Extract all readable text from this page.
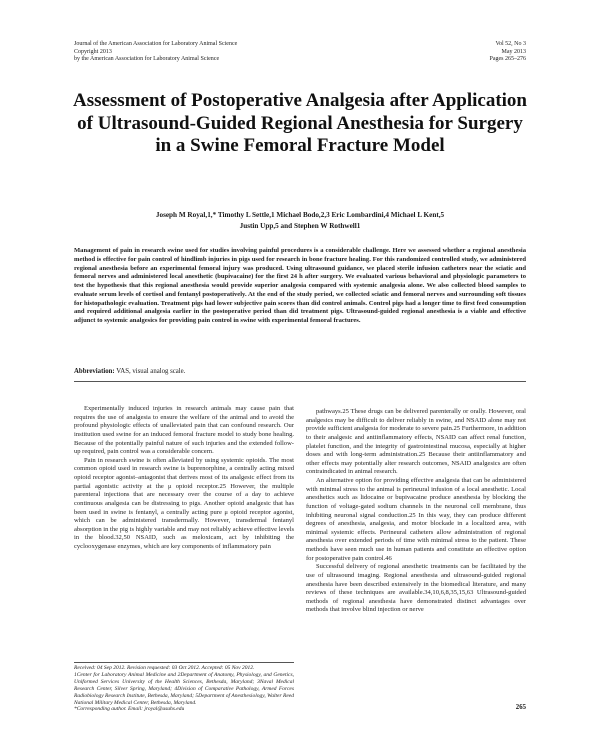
Journal of the American Association for Laboratory Animal Science
Copyright 2013
by the American Association for Laboratory Animal Science
Vol 52, No 3
May 2013
Pages 265–276
Assessment of Postoperative Analgesia after Application of Ultrasound-Guided Regional Anesthesia for Surgery in a Swine Femoral Fracture Model
Joseph M Royal,1,* Timothy L Settle,1 Michael Bodo,2,3 Eric Lombardini,4 Michael L Kent,5
Justin Upp,5 and Stephen W Rothwell1

Management of pain in research swine used for studies involving painful procedures is a considerable challenge. Here we assessed whether a regional anesthesia method is effective for pain control of hindlimb injuries in pigs used for research in bone fracture healing. For this randomized controlled study, we administered regional anesthesia before an experimental femoral injury was produced. Using ultrasound guidance, we placed sterile infusion catheters near the sciatic and femoral nerves and administered local anesthetic (bupivacaine) for the first 24 h after surgery. We evaluated various behavioral and physiologic parameters to test the hypothesis that this regional anesthesia would provide superior analgesia compared with systemic analgesia alone. We also collected blood samples to evaluate serum levels of cortisol and fentanyl postoperatively. At the end of the study period, we collected sciatic and femoral nerves and surrounding soft tissues for histopathologic evaluation. Treatment pigs had lower subjective pain scores than did control animals. Control pigs had a longer time to first feed consumption and required additional analgesia earlier in the postoperative period than did treatment pigs. Ultrasound-guided regional anesthesia is a viable and effective adjunct to systemic analgesics for providing pain control in swine with experimental femoral fractures.

Abbreviation: VAS, visual analog scale.

Experimentally induced injuries in research animals may cause pain that requires the use of analgesia to ensure the welfare of the animal and to avoid the profound physiologic effects of unalleviated pain that can confound research. Our institution used swine for an induced femoral fracture model to study bone healing. Because of the potentially painful nature of such injuries and the extended follow-up required, pain control was a considerable concern.

Pain in research swine is often alleviated by using systemic opioids. The most common opioid used in research swine is buprenorphine, a centrally acting mixed opioid receptor agonist–antagonist that derives most of its analgesic effect from its partial agonistic activity at the μ opioid receptor.25 However, the multiple parenteral injections that are necessary over the course of a day to achieve continuous analgesia can be distressing to pigs. Another opioid analgesic that has been used in swine is fentanyl, a centrally acting pure μ opioid receptor agonist, which can be administered transdermally. However, transdermal fentanyl absorption in the pig is highly variable and may not reliably achieve effective levels in the blood.32,50 NSAID, such as meloxicam, act by inhibiting the cyclooxygenase enzymes, which are key components of inflammatory pain

pathways.25 These drugs can be delivered parenterally or orally. However, oral analgesics may be difficult to deliver reliably in swine, and NSAID alone may not provide sufficient analgesia for moderate to severe pain.25 Furthermore, in addition to their analgesic and antiinflammatory effects, NSAID can affect renal function, platelet function, and the integrity of gastrointestinal mucosa, especially at higher doses and with long-term administration.25 Because their antiinflammatory and other effects may potentially alter research outcomes, NSAID analgesics are often contraindicated in animal research.

An alternative option for providing effective analgesia that can be administered with minimal stress to the animal is perineural infusion of a local anesthetic. Local anesthetics such as lidocaine or bupivacaine produce anesthesia by blocking the function of voltage-gated sodium channels in the neuronal cell membrane, thus inhibiting neuronal signal conduction.25 In this way, they can produce different degrees of anesthesia, analgesia, and motor blockade in a localized area, with minimal systemic effects. Perineural catheters allow administration of regional anesthesia over extended periods of time with minimal stress to the patient. These methods have seen much use in human patients and constitute an effective option for postoperative pain control.46

Successful delivery of regional anesthetic treatments can be facilitated by the use of ultrasound imaging. Regional anesthesia and ultrasound-guided regional anesthesia have been described extensively in the biomedical literature, and many reviews of these techniques are available.34,10,6,8,35,15,63 Ultrasound-guided methods of regional anesthesia have demonstrated distinct advantages over methods that involve blind injection or nerve

Received: 04 Sep 2012. Revision requested: 03 Oct 2012. Accepted: 05 Nov 2012.

1Center for Laboratory Animal Medicine and 2Department of Anatomy, Physiology, and Genetics, Uniformed Services University of the Health Sciences, Bethesda, Maryland; 3Naval Medical Research Center, Silver Spring, Maryland; 4Division of Comparative Pathology, Armed Forces Radiobiology Research Institute, Bethesda, Maryland; 5Department of Anesthesiology, Walter Reed National Military Medical Center, Bethesda, Maryland.

*Corresponding author. Email: jroyal@usuhs.edu	265
